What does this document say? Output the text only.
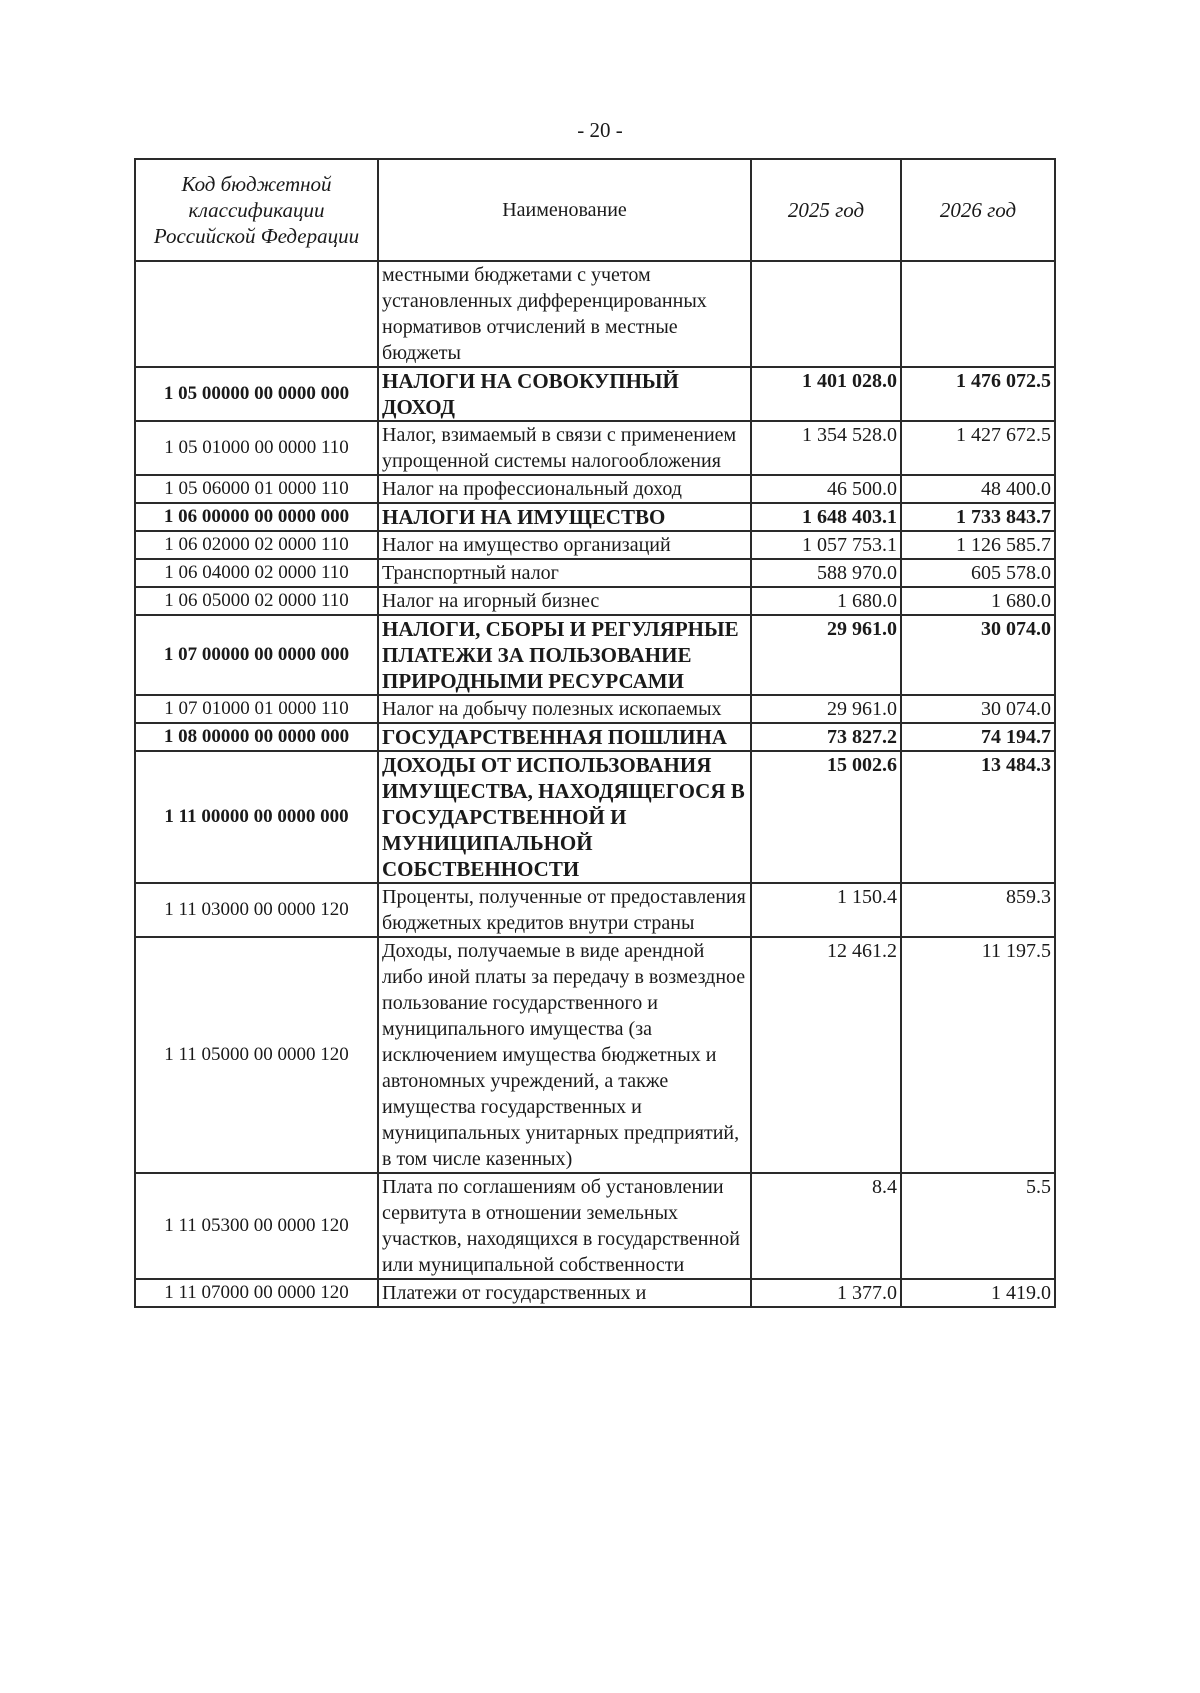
- 20 -
Код бюджетной классификации Российской Федерации	Наименование	2025 год	2026 год
	местными бюджетами с учетом установленных дифференцированных нормативов отчислений в местные бюджеты		
1 05 00000 00 0000 000	НАЛОГИ НА СОВОКУПНЫЙ ДОХОД	1 401 028.0	1 476 072.5
1 05 01000 00 0000 110	Налог, взимаемый в связи с применением упрощенной системы налогообложения	1 354 528.0	1 427 672.5
1 05 06000 01 0000 110	Налог на профессиональный доход	46 500.0	48 400.0
1 06 00000 00 0000 000	НАЛОГИ НА ИМУЩЕСТВО	1 648 403.1	1 733 843.7
1 06 02000 02 0000 110	Налог на имущество организаций	1 057 753.1	1 126 585.7
1 06 04000 02 0000 110	Транспортный налог	588 970.0	605 578.0
1 06 05000 02 0000 110	Налог на игорный бизнес	1 680.0	1 680.0
1 07 00000 00 0000 000	НАЛОГИ, СБОРЫ И РЕГУЛЯРНЫЕ ПЛАТЕЖИ ЗА ПОЛЬЗОВАНИЕ ПРИРОДНЫМИ РЕСУРСАМИ	29 961.0	30 074.0
1 07 01000 01 0000 110	Налог на добычу полезных ископаемых	29 961.0	30 074.0
1 08 00000 00 0000 000	ГОСУДАРСТВЕННАЯ ПОШЛИНА	73 827.2	74 194.7
1 11 00000 00 0000 000	ДОХОДЫ ОТ ИСПОЛЬЗОВАНИЯ ИМУЩЕСТВА, НАХОДЯЩЕГОСЯ В ГОСУДАРСТВЕННОЙ И МУНИЦИПАЛЬНОЙ СОБСТВЕННОСТИ	15 002.6	13 484.3
1 11 03000 00 0000 120	Проценты, полученные от предоставления бюджетных кредитов внутри страны	1 150.4	859.3
1 11 05000 00 0000 120	Доходы, получаемые в виде арендной либо иной платы за передачу в возмездное пользование государственного и муниципального имущества (за исключением имущества бюджетных и автономных учреждений, а также имущества государственных и муниципальных унитарных предприятий, в том числе казенных)	12 461.2	11 197.5
1 11 05300 00 0000 120	Плата по соглашениям об установлении сервитута в отношении земельных участков, находящихся в государственной или муниципальной собственности	8.4	5.5
1 11 07000 00 0000 120	Платежи от государственных и	1 377.0	1 419.0
